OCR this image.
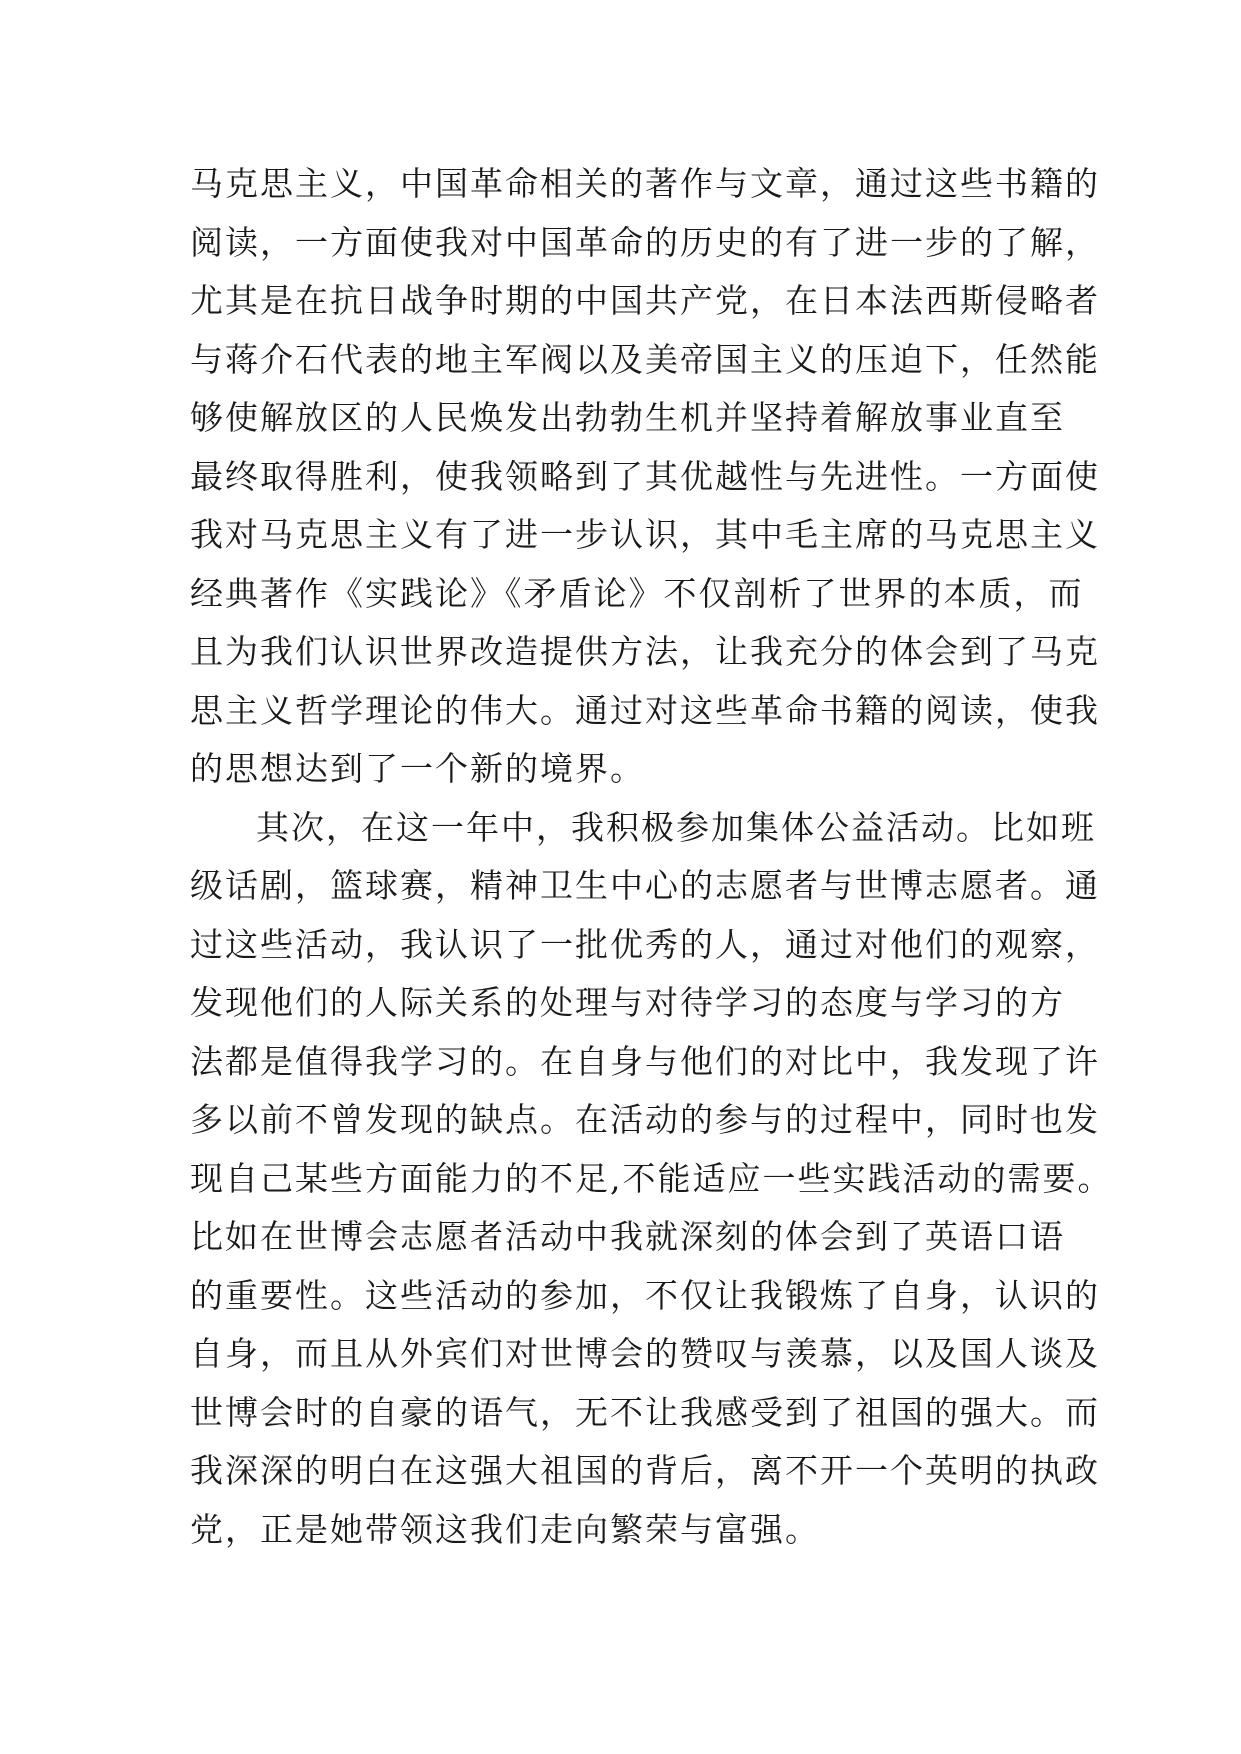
马克思主义，中国革命相关的著作与文章，通过这些书籍的
阅读，一方面使我对中国革命的历史的有了进一步的了解，
尤其是在抗日战争时期的中国共产党，在日本法西斯侵略者
与蒋介石代表的地主军阀以及美帝国主义的压迫下，任然能
够使解放区的人民焕发出勃勃生机并坚持着解放事业直至
最终取得胜利，使我领略到了其优越性与先进性。一方面使
我对马克思主义有了进一步认识，其中毛主席的马克思主义
经典著作《实践论》《矛盾论》不仅剖析了世界的本质，而
且为我们认识世界改造提供方法，让我充分的体会到了马克
思主义哲学理论的伟大。通过对这些革命书籍的阅读，使我
的思想达到了一个新的境界。
其次，在这一年中，我积极参加集体公益活动。比如班
级话剧，篮球赛，精神卫生中心的志愿者与世博志愿者。通
过这些活动，我认识了一批优秀的人，通过对他们的观察，
发现他们的人际关系的处理与对待学习的态度与学习的方
法都是值得我学习的。在自身与他们的对比中，我发现了许
多以前不曾发现的缺点。在活动的参与的过程中，同时也发
现自己某些方面能力的不足,不能适应一些实践活动的需要。
比如在世博会志愿者活动中我就深刻的体会到了英语口语
的重要性。这些活动的参加，不仅让我锻炼了自身，认识的
自身，而且从外宾们对世博会的赞叹与羡慕，以及国人谈及
世博会时的自豪的语气，无不让我感受到了祖国的强大。而
我深深的明白在这强大祖国的背后，离不开一个英明的执政
党，正是她带领这我们走向繁荣与富强。
